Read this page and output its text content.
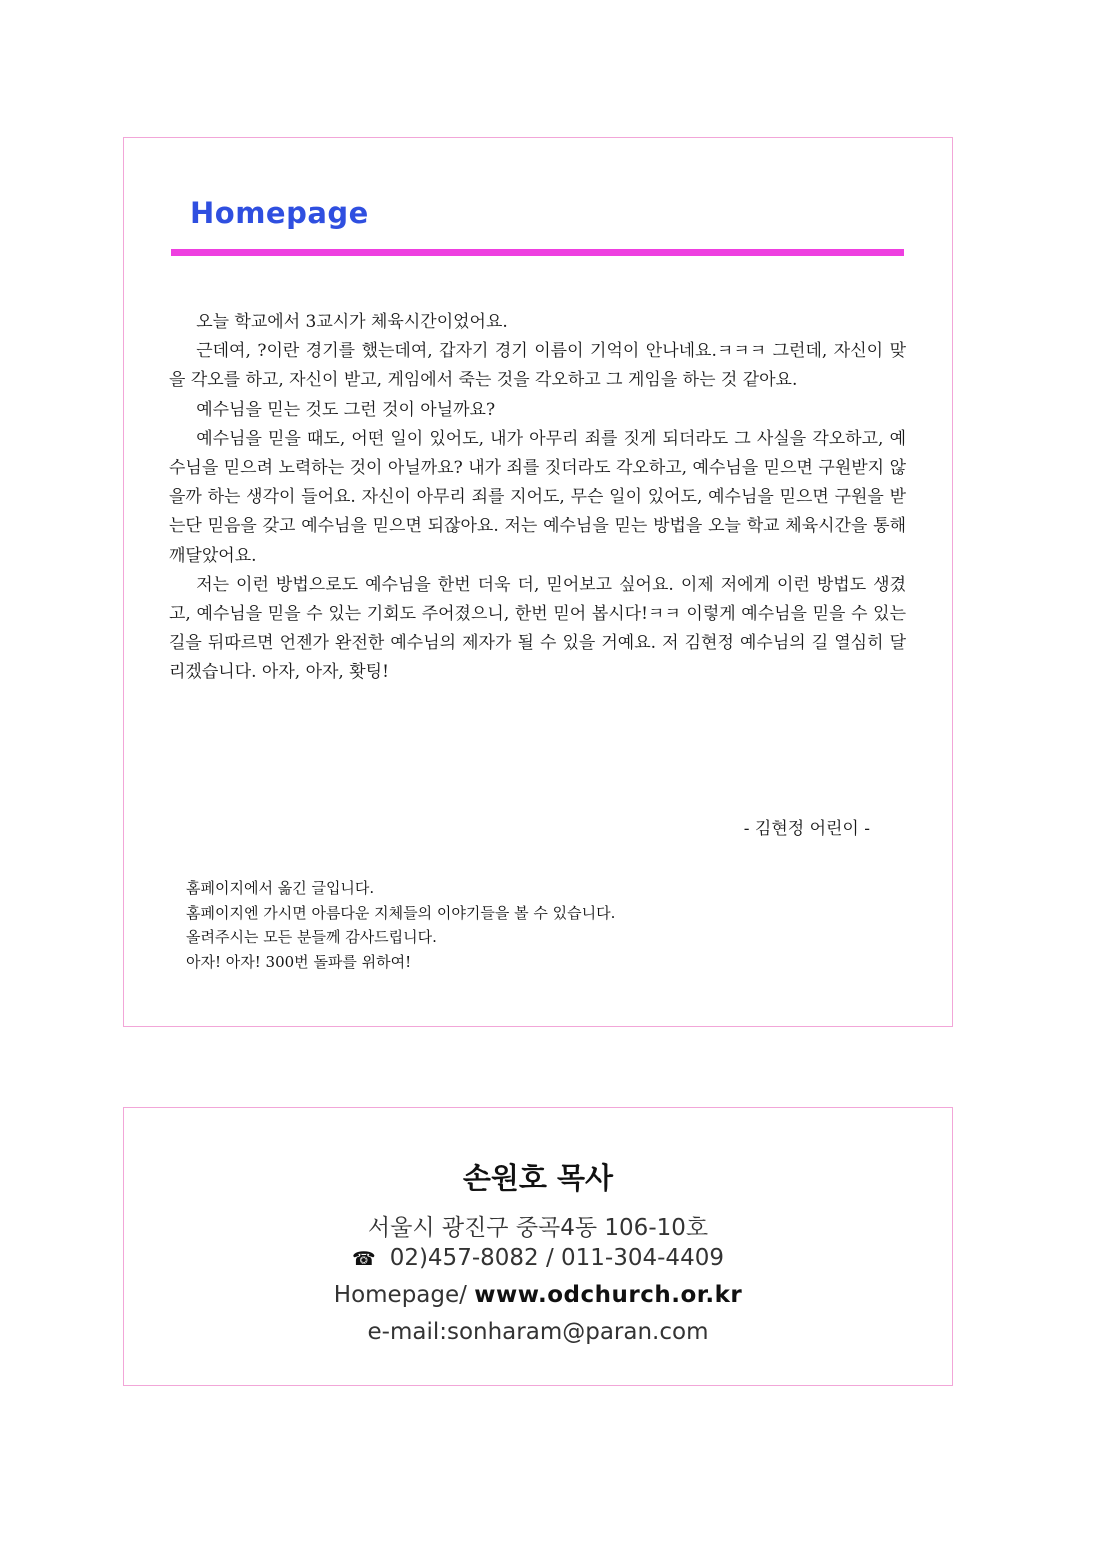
Homepage

오늘 학교에서 3교시가 체육시간이었어요.

근데여, ?이란 경기를 했는데여, 갑자기 경기 이름이 기억이 안나네요.ㅋㅋㅋ 그런데, 자신이 맞을 각오를 하고, 자신이 받고, 게임에서 죽는 것을 각오하고 그 게임을 하는 것 같아요.

예수님을 믿는 것도 그런 것이 아닐까요?

예수님을 믿을 때도, 어떤 일이 있어도, 내가 아무리 죄를 짓게 되더라도 그 사실을 각오하고, 예수님을 믿으려 노력하는 것이 아닐까요? 내가 죄를 짓더라도 각오하고, 예수님을 믿으면 구원받지 않을까 하는 생각이 들어요. 자신이 아무리 죄를 지어도, 무슨 일이 있어도, 예수님을 믿으면 구원을 받는단 믿음을 갖고 예수님을 믿으면 되잖아요. 저는 예수님을 믿는 방법을 오늘 학교 체육시간을 통해 깨달았어요.

저는 이런 방법으로도 예수님을 한번 더욱 더, 믿어보고 싶어요. 이제 저에게 이런 방법도 생겼고, 예수님을 믿을 수 있는 기회도 주어졌으니, 한번 믿어 봅시다!ㅋㅋ 이렇게 예수님을 믿을 수 있는 길을 뒤따르면 언젠가 완전한 예수님의 제자가 될 수 있을 거예요. 저 김현정 예수님의 길 열심히 달리겠습니다. 아자, 아자, 홧팅!

- 김현정 어린이 -
홈페이지에서 옮긴 글입니다.
홈페이지엔 가시면 아름다운 지체들의 이야기들을 볼 수 있습니다.
올려주시는 모든 분들께 감사드립니다.
아자! 아자! 300번 돌파를 위하여!
손원호 목사
서울시 광진구 중곡4동 106-10호
☎ 02)457-8082 / 011-304-4409
Homepage/ www.odchurch.or.kr
e-mail:sonharam@paran.com
